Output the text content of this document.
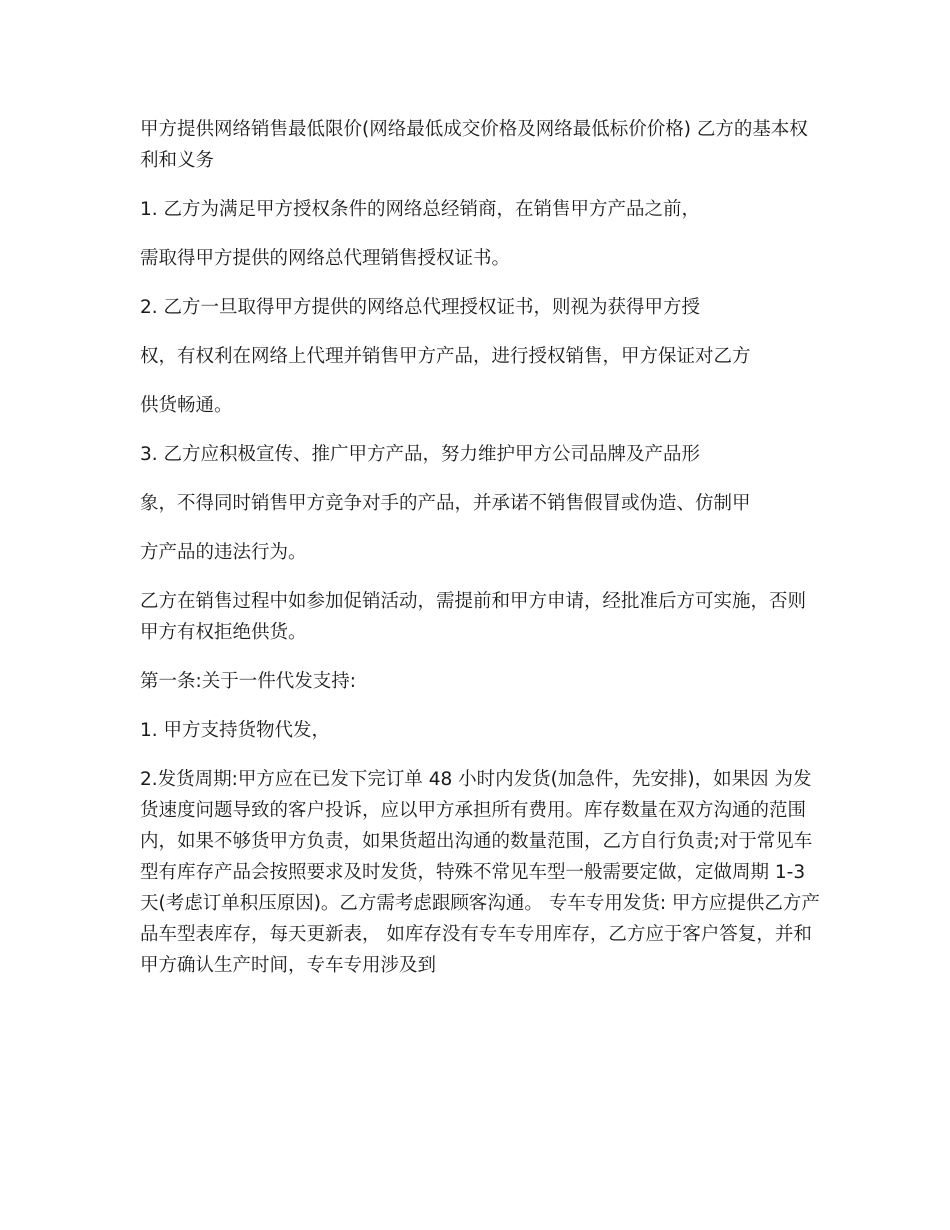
甲方提供网络销售最低限价(网络最低成交价格及网络最低标价价格) 乙方的基本权利和义务

1. 乙方为满足甲方授权条件的网络总经销商，在销售甲方产品之前，

需取得甲方提供的网络总代理销售授权证书。

2. 乙方一旦取得甲方提供的网络总代理授权证书，则视为获得甲方授

权，有权利在网络上代理并销售甲方产品，进行授权销售，甲方保证对乙方

供货畅通。

3. 乙方应积极宣传、推广甲方产品，努力维护甲方公司品牌及产品形

象，不得同时销售甲方竞争对手的产品，并承诺不销售假冒或伪造、仿制甲

方产品的违法行为。

乙方在销售过程中如参加促销活动，需提前和甲方申请，经批准后方可实施，否则甲方有权拒绝供货。

第一条:关于一件代发支持:

1. 甲方支持货物代发，

2.发货周期:甲方应在已发下完订单 48 小时内发货(加急件，先安排)，如果因 为发货速度问题导致的客户投诉，应以甲方承担所有费用。库存数量在双方沟通的范围内，如果不够货甲方负责，如果货超出沟通的数量范围，乙方自行负责;对于常见车型有库存产品会按照要求及时发货，特殊不常见车型一般需要定做，定做周期 1-3 天(考虑订单积压原因)。乙方需考虑跟顾客沟通。 专车专用发货: 甲方应提供乙方产品车型表库存，每天更新表， 如库存没有专车专用库存，乙方应于客户答复，并和甲方确认生产时间，专车专用涉及到
